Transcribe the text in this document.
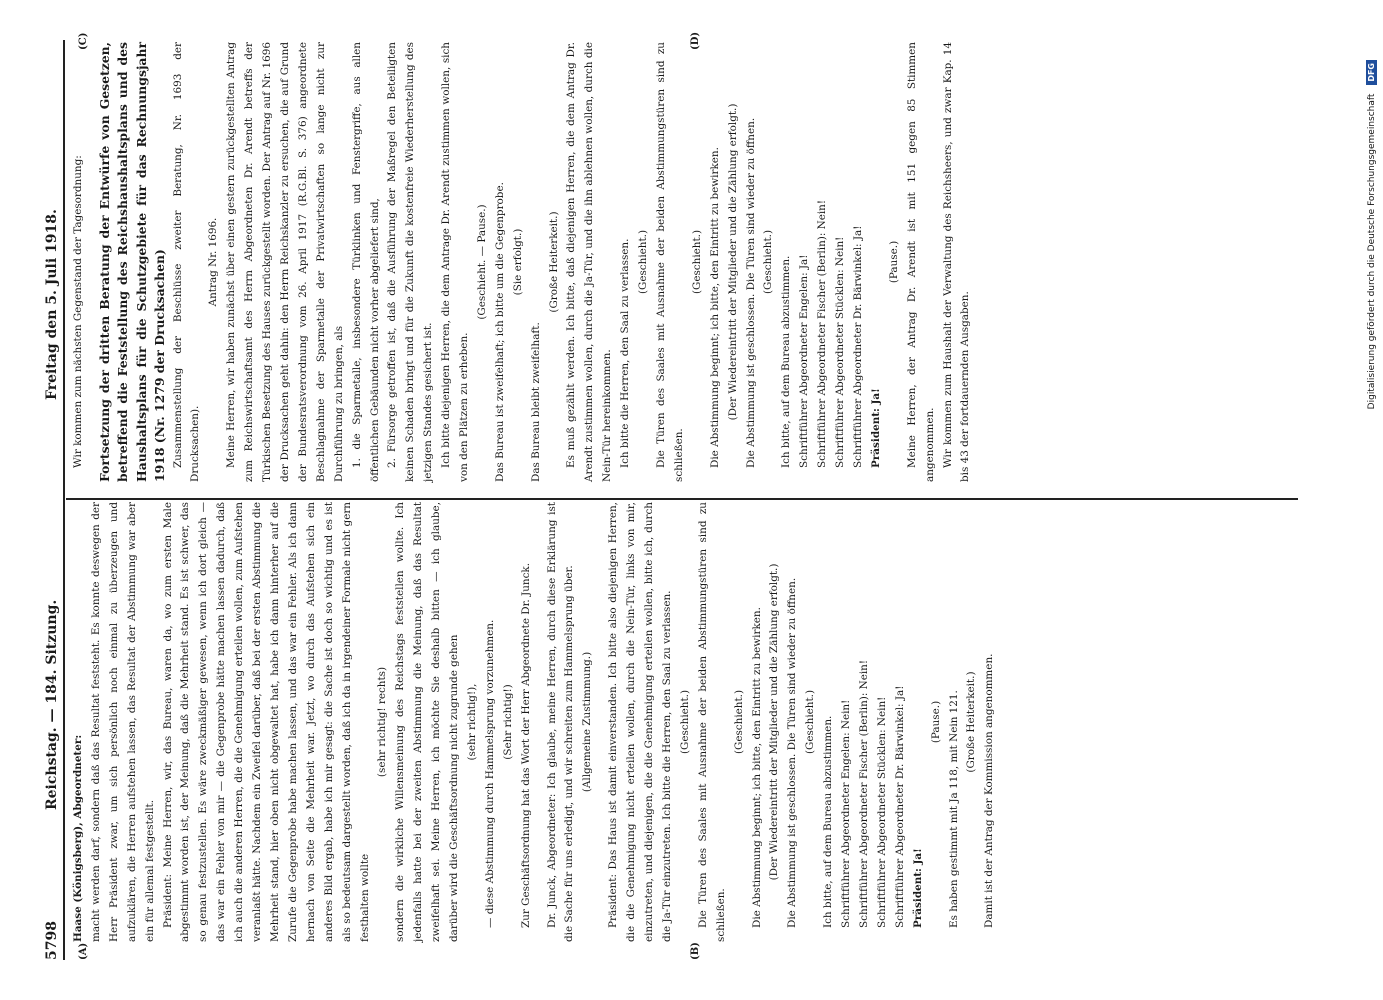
5798
Reichstag. — 184. Sitzung.
Freitag den 5. Juli 1918.
(A)	(B)
(C)	(D)

Haase (Königsberg), Abgeordneter: macht werden darf, sondern daß das Resultat feststeht. Es konnte deswegen der Herr Präsident zwar, um sich persönlich noch einmal zu überzeugen und aufzuklären, die Herren aufstehen lassen, das Resultat der Abstimmung war aber ein für allemal festgestellt. Präsident: Meine Herren, wir, das Bureau, waren da, wo zum ersten Male abgestimmt worden ist, der Meinung, daß die Mehrheit stand. Es ist schwer, das so genau festzustellen. Es wäre zweckmäßiger gewesen, wenn ich dort gleich — das war ein Fehler von mir — die Gegenprobe hätte machen lassen dadurch, daß ich auch die anderen Herren, die die Genehmigung erteilen wollen, zum Aufstehen veranlaßt hätte. Nachdem ein Zweifel darüber, daß bei der ersten Abstimmung die Mehrheit stand, hier oben nicht obgewaltet hat, habe ich dann hinterher auf die Zurufe die Gegenprobe habe machen lassen, und das war ein Fehler. Als ich dann hernach von Seite die Mehrheit war. Jetzt, wo durch das Aufstehen sich ein anderes Bild ergab, habe ich mir gesagt: die Sache ist doch so wichtig und es ist als so bedeutsam dargestellt worden, daß ich da in irgendeiner Formale nicht gern festhalten wollte

(sehr richtig! rechts) sondern die wirkliche Willensmeinung des Reichstags feststellen wollte. Ich jedenfalls hatte bei der zweiten Abstimmung die Meinung, daß das Resultat zweifelhaft sei. Meine Herren, ich möchte Sie deshalb bitten — ich glaube, darüber wird die Geschäftsordnung nicht zugrunde gehen (sehr richtig!), — diese Abstimmung durch Hammelsprung vorzunehmen. (Sehr richtig!) Zur Geschäftsordnung hat das Wort der Herr Abgeordnete Dr. Junck.	Dr. Junck, Abgeordneter: Ich glaube, meine Herren, durch diese Erklärung ist die Sache für uns erledigt, und wir schreiten zum Hammelsprung über. (Allgemeine Zustimmung.)	Präsident: Das Haus ist damit einverstanden. Ich bitte also diejenigen Herren, die die Genehmigung nicht erteilen wollen, durch die Nein-Tür, links von mir, einzutreten, und diejenigen, die die Genehmigung erteilen wollen, bitte ich, durch die Ja-Tür einzutreten. Ich bitte die Herren, den Saal zu verlassen. (Geschieht.) Die Türen des Saales mit Ausnahme der beiden Abstimmungstüren sind zu schließen.

(Geschieht.) Die Abstimmung beginnt; ich bitte, den Eintritt zu bewirken. (Der Wiedereintritt der Mitglieder und die Zählung erfolgt.) Die Abstimmung ist geschlossen. Die Türen sind wieder zu öffnen. (Geschieht.) Ich bitte, auf dem Bureau abzustimmen. Schriftführer Abgeordneter Engelen: Nein! Schriftführer Abgeordneter Fischer (Berlin): Nein! Schriftführer Abgeordneter Stücklen: Nein! Schriftführer Abgeordneter Dr. Bärwinkel: Ja! Präsident: Ja!

(Pause.) Es haben gestimmt mit Ja 118, mit Nein 121. (Große Heiterkeit.) Damit ist der Antrag der Kommission angenommen.

Wir kommen zum nächsten Gegenstand der Tagesordnung:	Fortsetzung der dritten Beratung der Entwürfe von Gesetzen, betreffend die Feststellung des Reichshaushaltsplans und des Haushaltsplans für die Schutzgebiete für das Rechnungsjahr 1918 (Nr. 1279 der Drucksachen) Zusammenstellung der Beschlüsse zweiter Beratung, Nr. 1693 der Drucksachen).

Antrag Nr. 1696. Meine Herren, wir haben zunächst über einen gestern zurückgestellten Antrag zum Reichswirtschaftsamt des Herrn Abgeordneten Dr. Arendt betreffs der Türkischen Besetzung des Hauses zurückgestellt worden. Der Antrag auf Nr. 1696 der Drucksachen geht dahin: den Herrn Reichskanzler zu ersuchen, die auf Grund der Bundesratsverordnung vom 26. April 1917 (R.G.Bl. S. 376) angeordnete Beschlagnahme der Sparmetalle der Privatwirtschaften so lange nicht zur Durchführung zu bringen, als 1. die Sparmetalle, insbesondere Türklinken und Fenstergriffe, aus allen öffentlichen Gebäunden nicht vorher abgeliefert sind, 2. Fürsorge getroffen ist, daß die Ausführung der Maßregel den Beteiligten keinen Schaden bringt und für die Zukunft die kostenfreie Wiederherstellung des jetzigen Standes gesichert ist. Ich bitte diejenigen Herren, die dem Antrage Dr. Arendt zustimmen wollen, sich von den Plätzen zu erheben.

(Geschieht. — Pause.) Das Bureau ist zweifelhaft; ich bitte um die Gegenprobe. (Sie erfolgt.)

Das Bureau bleibt zweifelhaft.

(Große Heiterkeit.) Es muß gezählt werden. Ich bitte, daß diejenigen Herren, die dem Antrag Dr. Arendt zustimmen wollen, durch die Ja-Tür, und die ihn ablehnen wollen, durch die Nein-Tür hereinkommen. Ich bitte die Herren, den Saal zu verlassen. (Geschieht.) Die Türen des Saales mit Ausnahme der beiden Abstimmungstüren sind zu schließen.

(Geschieht.) Die Abstimmung beginnt; ich bitte, den Eintritt zu bewirken. (Der Wiedereintritt der Mitglieder und die Zählung erfolgt.) Die Abstimmung ist geschlossen. Die Türen sind wieder zu öffnen. (Geschieht.) Ich bitte, auf dem Bureau abzustimmen. Schriftführer Abgeordneter Engelen: Ja! Schriftführer Abgeordneter Fischer (Berlin): Nein! Schriftführer Abgeordneter Stücklen: Nein! Schriftführer Abgeordneter Dr. Bärwinkel: Ja! Präsident: Ja!

(Pause.) Meine Herren, der Antrag Dr. Arendt ist mit 151 gegen 85 Stimmen angenommen. Wir kommen zum Haushalt der Verwaltung des Reichsheers, und zwar Kap. 14 bis 43 der fortdauernden Ausgaben.	Digitalisierung gefördert durch die Deutsche Forschungsgemeinschaft DFG
